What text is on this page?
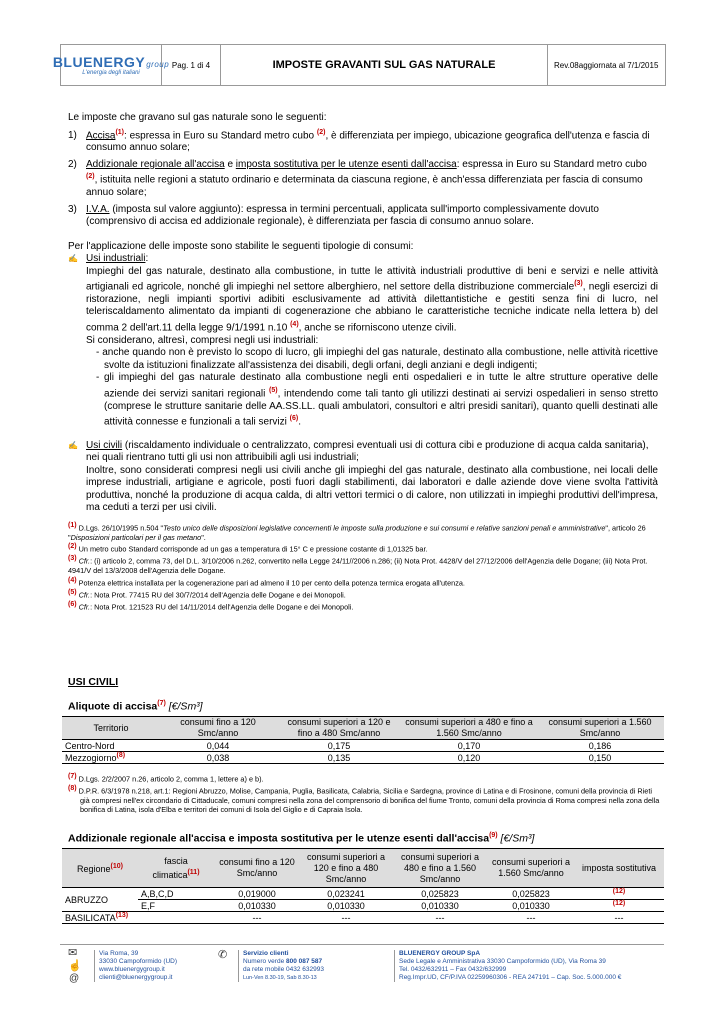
BLUENERGYgroup
L'energia degli italiani
Pag. 1 di 4	IMPOSTE GRAVANTI SUL GAS NATURALE	Rev.08 aggiornata al 7/1/2015
Le imposte che gravano sul gas naturale sono le seguenti:
1) Accisa$^{(1)}$: espressa in Euro su Standard metro cubo $^{(2)}$, è differenziata per impiego, ubicazione geografica dell'utenza e fascia di consumo annuo solare;
2) Addizionale regionale all'accisa e imposta sostitutiva per le utenze esenti dall'accisa: espressa in Euro su Standard metro cubo $^{(2)}$, istituita nelle regioni a statuto ordinario e determinata da ciascuna regione, è anch'essa differenziata per fascia di consumo annuo solare;
3) I.V.A. (imposta sul valore aggiunto): espressa in termini percentuali, applicata sull'importo complessivamente dovuto (comprensivo di accisa ed addizionale regionale), è differenziata per fascia di consumo annuo solare.
Per l'applicazione delle imposte sono stabilite le seguenti tipologie di consumi:
✍ Usi industriali:
Impieghi del gas naturale, destinato alla combustione, in tutte le attività industriali produttive di beni e servizi e nelle attività artigianali ed agricole, nonché gli impieghi nel settore alberghiero, nel settore della distribuzione commerciale$^{(3)}$, negli esercizi di ristorazione, negli impianti sportivi adibiti esclusivamente ad attività dilettantistiche e gestiti senza fini di lucro, nel teleriscaldamento alimentato da impianti di cogenerazione che abbiano le caratteristiche tecniche indicate nella lettera b) del comma 2 dell'art.11 della legge 9/1/1991 n.10 $^{(4)}$, anche se riforniscono utenze civili.
Si considerano, altresì, compresi negli usi industriali:
- anche quando non è previsto lo scopo di lucro, gli impieghi del gas naturale, destinato alla combustione, nelle attività ricettive svolte da istituzioni finalizzate all'assistenza dei disabili, degli orfani, degli anziani e degli indigenti;
- gli impieghi del gas naturale destinato alla combustione negli enti ospedalieri e in tutte le altre strutture operative delle aziende dei servizi sanitari regionali $^{(5)}$, intendendo come tali tanto gli utilizzi destinati ai servizi ospedalieri in senso stretto (comprese le strutture sanitarie delle AA.SS.LL. quali ambulatori, consultori e altri presidi sanitari), quanto quelli destinati alle attività connesse e funzionali a tali servizi $^{(6)}$.
✍ Usi civili (riscaldamento individuale o centralizzato, compresi eventuali usi di cottura cibi e produzione di acqua calda sanitaria), nei quali rientrano tutti gli usi non attribuibili agli usi industriali;
Inoltre, sono considerati compresi negli usi civili anche gli impieghi del gas naturale, destinato alla combustione, nei locali delle imprese industriali, artigiane e agricole, posti fuori dagli stabilimenti, dai laboratori e dalle aziende dove viene svolta l'attività produttiva, nonché la produzione di acqua calda, di altri vettori termici o di calore, non utilizzati in impieghi produttivi dell'impresa, ma ceduti a terzi per usi civili.
$^{(1)}$ D.Lgs. 26/10/1995 n.504 "Testo unico delle disposizioni legislative concernenti le imposte sulla produzione e sui consumi e relative sanzioni penali e amministrative", articolo 26 "Disposizioni particolari per il gas metano".
$^{(2)}$ Un metro cubo Standard corrisponde ad un gas a temperatura di 15° C e pressione costante di 1,01325 bar.
$^{(3)}$ Cfr.: (i) articolo 2, comma 73, del D.L. 3/10/2006 n.262, convertito nella Legge 24/11//2006 n.286; (ii) Nota Prot. 4428/V del 27/12/2006 dell'Agenzia delle Dogane; (iii) Nota Prot. 4941/V del 13/3/2008 dell'Agenzia delle Dogane.
$^{(4)}$ Potenza elettrica installata per la cogenerazione pari ad almeno il 10 per cento della potenza termica erogata all'utenza.
$^{(5)}$ Cfr.: Nota Prot. 77415 RU del 30/7/2014 dell'Agenzia delle Dogane e dei Monopoli.
$^{(6)}$ Cfr.: Nota Prot. 121523 RU del 14/11/2014 dell'Agenzia delle Dogane e dei Monopoli.
USI CIVILI
Aliquote di accisa$^{(7)}$ [€/Sm³]
Territorio	consumi fino a 120 Smc/anno	consumi superiori a 120 e fino a 480 Smc/anno	consumi superiori a 480 e fino a 1.560 Smc/anno	consumi superiori a 1.560 Smc/anno
Centro-Nord	0,044	0,175	0,170	0,186
Mezzogiorno$^{(8)}$	0,038	0,135	0,120	0,150
$^{(7)}$ D.Lgs. 2/2/2007 n.26, articolo 2, comma 1, lettere a) e b).
$^{(8)}$ D.P.R. 6/3/1978 n.218, art.1: Regioni Abruzzo, Molise, Campania, Puglia, Basilicata, Calabria, Sicilia e Sardegna, province di Latina e di Frosinone, comuni della provincia di Rieti già compresi nell'ex circondario di Cittaducale, comuni compresi nella zona del comprensorio di bonifica del fiume Tronto, comuni della provincia di Roma compresi nella zona della bonifica di Latina, isola d'Elba e territori dei comuni di Isola del Giglio e di Capraia Isola.
Addizionale regionale all'accisa e imposta sostitutiva per le utenze esenti dall'accisa$^{(9)}$ [€/Sm³]
Regione$^{(10)}$	fascia climatica$^{(11)}$	consumi fino a 120 Smc/anno	consumi superiori a 120 e fino a 480 Smc/anno	consumi superiori a 480 e fino a 1.560 Smc/anno	consumi superiori a 1.560 Smc/anno	imposta sostitutiva
ABRUZZO	A,B,C,D	0,019000	0,023241	0,025823	0,025823	$^{(12)}$
	E,F	0,010330	0,010330	0,010330	0,010330	$^{(12)}$
BASILICATA$^{(13)}$		---	---	---	---	---
✉
☝
@
Via Roma, 39
33030 Campoformido (UD)
www.bluenergygroup.it
clienti@bluenergygroup.it
✆ Servizio clienti
Numero verde 800 087 587
da rete mobile 0432 632993
Lun-Ven 8.30-19, Sab 8.30-13
BLUENERGY GROUP SpA
Sede Legale e Amministrativa 33030 Campoformido (UD), Via Roma 39
Tel. 0432/632911 – Fax 0432/632999
Reg.Impr.UD, CF/P.IVA 02259960306 - REA 247191 – Cap. Soc. 5.000.000 €
